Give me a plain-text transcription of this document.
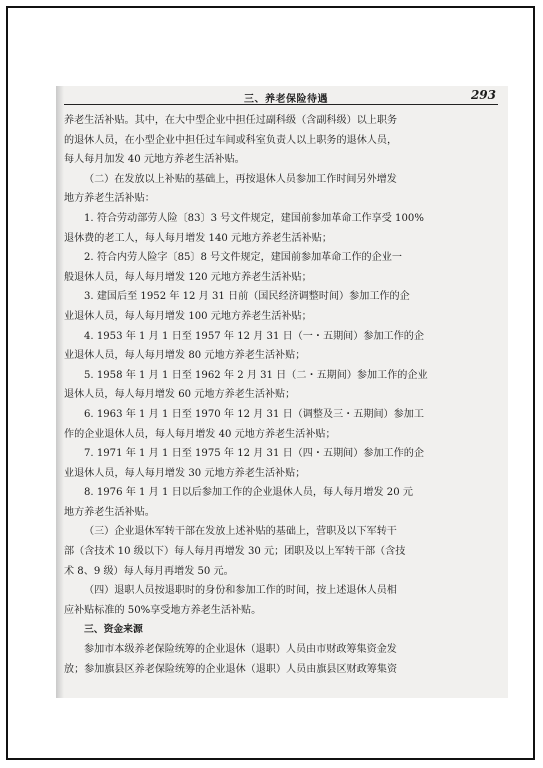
三、养老保险待遇	293
养老生活补贴。其中，在大中型企业中担任过副科级（含副科级）以上职务
的退休人员，在小型企业中担任过车间或科室负责人以上职务的退休人员，
每人每月加发 40 元地方养老生活补贴。
（二）在发放以上补贴的基础上，再按退休人员参加工作时间另外增发
地方养老生活补贴：
1. 符合劳动部劳人险〔83〕3 号文件规定，建国前参加革命工作享受 100%
退休费的老工人，每人每月增发 140 元地方养老生活补贴；
2. 符合内劳人险字〔85〕8 号文件规定，建国前参加革命工作的企业一
般退休人员，每人每月增发 120 元地方养老生活补贴；
3. 建国后至 1952 年 12 月 31 日前（国民经济调整时间）参加工作的企
业退休人员，每人每月增发 100 元地方养老生活补贴；
4. 1953 年 1 月 1 日至 1957 年 12 月 31 日（一・五期间）参加工作的企
业退休人员，每人每月增发 80 元地方养老生活补贴；
5. 1958 年 1 月 1 日至 1962 年 2 月 31 日（二・五期间）参加工作的企业
退休人员，每人每月增发 60 元地方养老生活补贴；
6. 1963 年 1 月 1 日至 1970 年 12 月 31 日（调整及三・五期间）参加工
作的企业退休人员，每人每月增发 40 元地方养老生活补贴；
7. 1971 年 1 月 1 日至 1975 年 12 月 31 日（四・五期间）参加工作的企
业退休人员，每人每月增发 30 元地方养老生活补贴；
8. 1976 年 1 月 1 日以后参加工作的企业退休人员，每人每月增发 20 元
地方养老生活补贴。
（三）企业退休军转干部在发放上述补贴的基础上，营职及以下军转干
部（含技术 10 级以下）每人每月再增发 30 元；团职及以上军转干部（含技
术 8、9 级）每人每月再增发 50 元。
（四）退职人员按退职时的身份和参加工作的时间，按上述退休人员相
应补贴标准的 50%享受地方养老生活补贴。
三、资金来源
参加市本级养老保险统筹的企业退休（退职）人员由市财政筹集资金发
放；参加旗县区养老保险统筹的企业退休（退职）人员由旗县区财政筹集资
